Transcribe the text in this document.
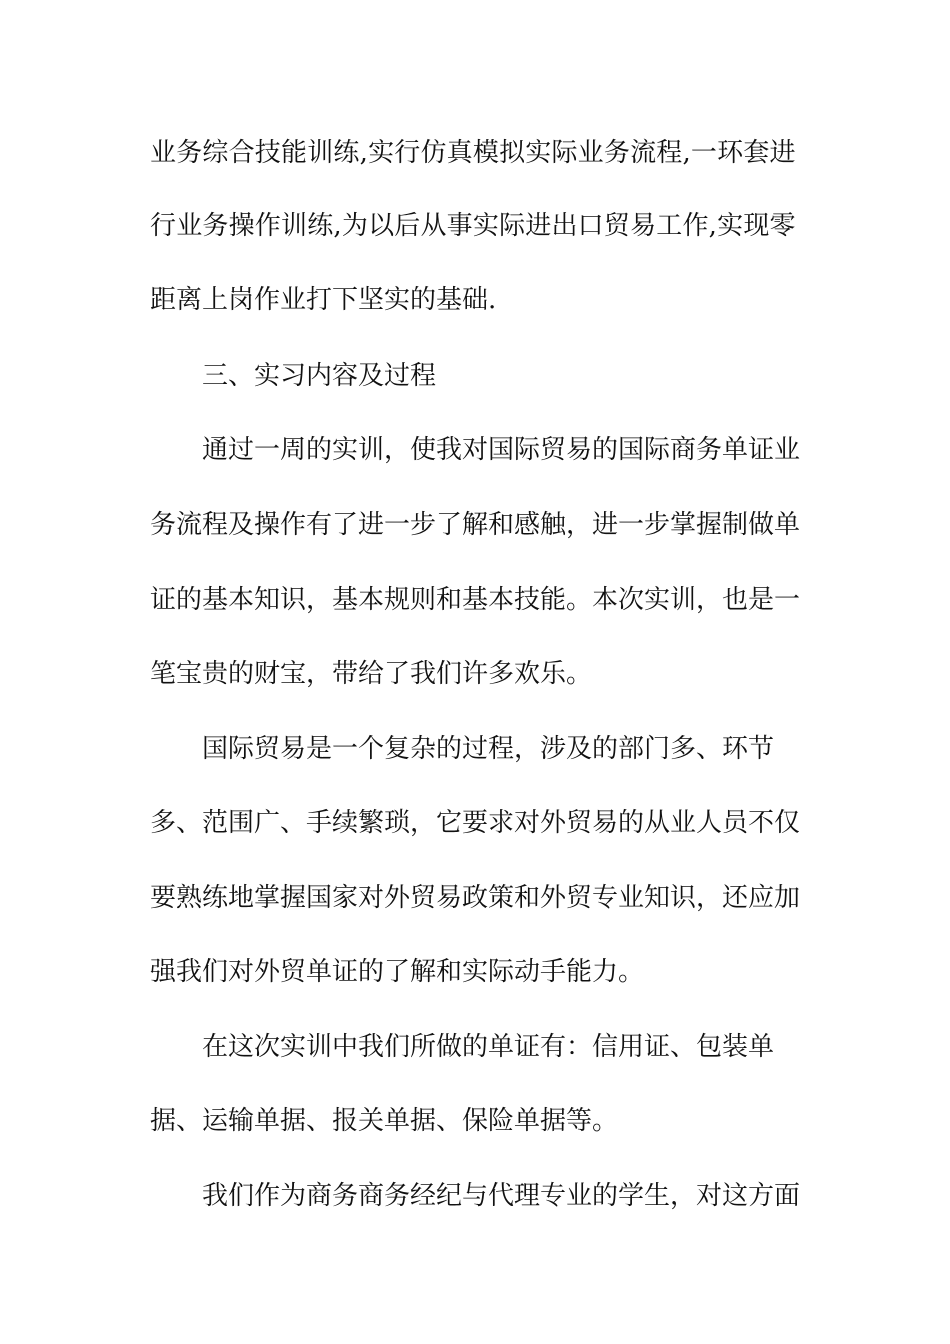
业务综合技能训练,实行仿真模拟实际业务流程,一环套进
行业务操作训练,为以后从事实际进出口贸易工作,实现零
距离上岗作业打下坚实的基础.
三、实习内容及过程
通过一周的实训，使我对国际贸易的国际商务单证业
务流程及操作有了进一步了解和感触，进一步掌握制做单
证的基本知识，基本规则和基本技能。本次实训，也是一
笔宝贵的财宝，带给了我们许多欢乐。
国际贸易是一个复杂的过程，涉及的部门多、环节
多、范围广、手续繁琐，它要求对外贸易的从业人员不仅
要熟练地掌握国家对外贸易政策和外贸专业知识，还应加
强我们对外贸单证的了解和实际动手能力。
在这次实训中我们所做的单证有：信用证、包装单
据、运输单据、报关单据、保险单据等。
我们作为商务商务经纪与代理专业的学生，对这方面
